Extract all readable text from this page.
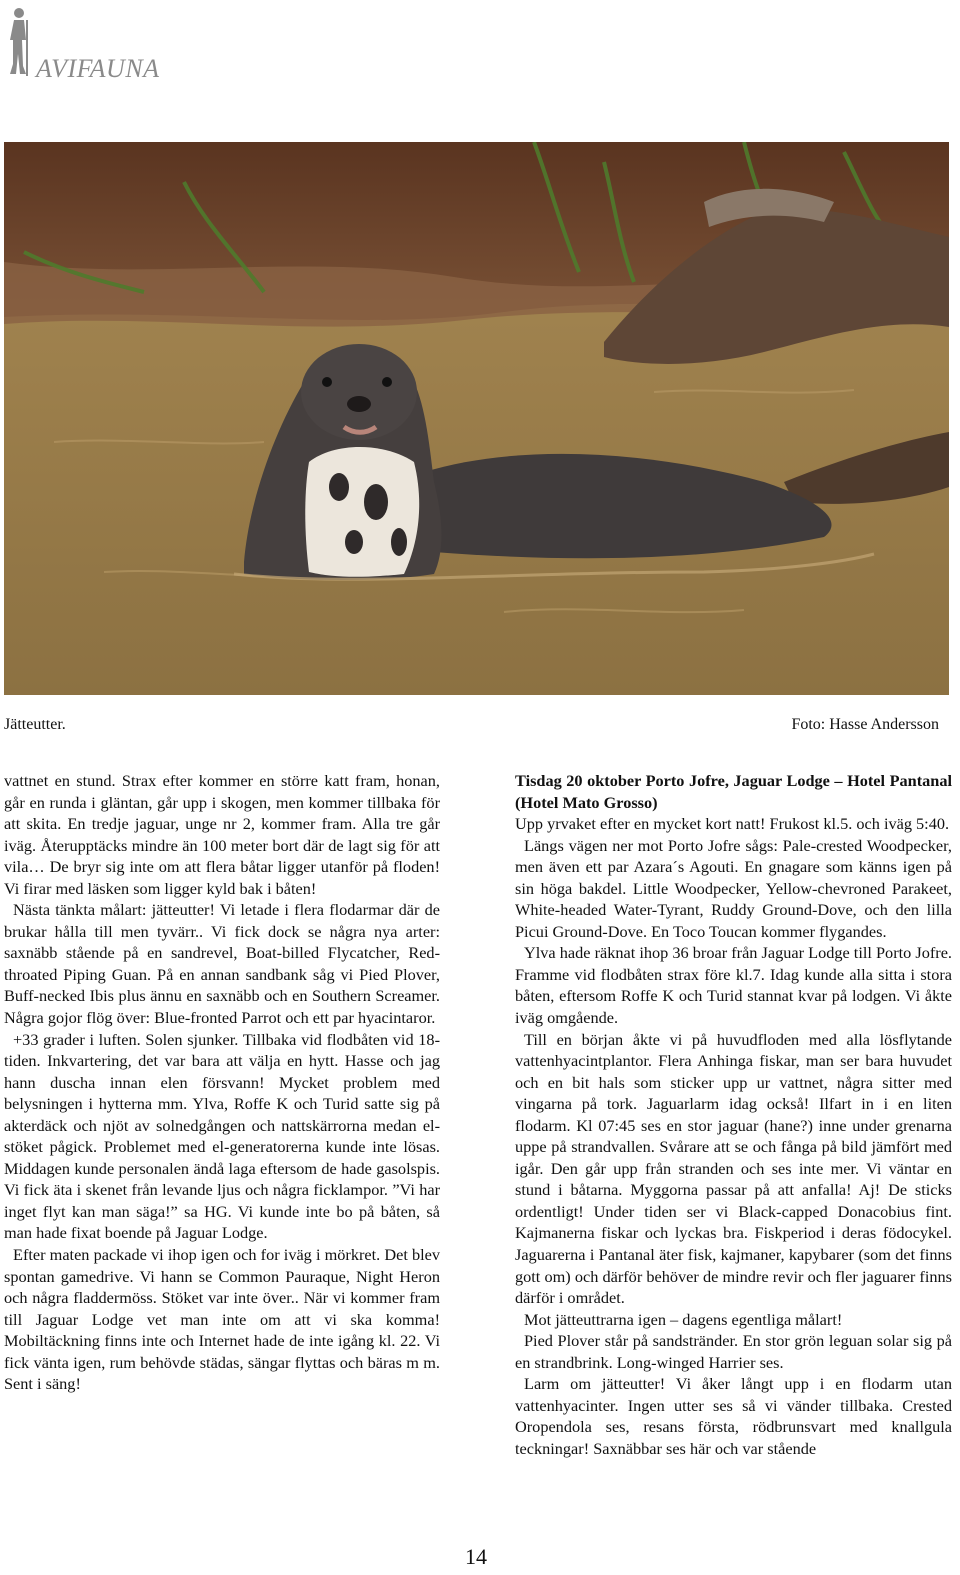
AVIFAUNA
Jätteutter.	Foto: Hasse Andersson

vattnet en stund. Strax efter kommer en större katt fram, honan, går en runda i gläntan, går upp i skogen, men kommer tillbaka för att skita. En tredje jaguar, unge nr 2, kommer fram. Alla tre går iväg. Återupptäcks mindre än 100 meter bort där de lagt sig för att vila… De bryr sig inte om att flera båtar ligger utanför på floden! Vi firar med läsken som ligger kyld bak i båten!

Nästa tänkta målart: jätteutter! Vi letade i flera flodarmar där de brukar hålla till men tyvärr.. Vi fick dock se några nya arter: saxnäbb stående på en sandrevel, Boat-billed Flycatcher, Red-throated Piping Guan. På en annan sandbank såg vi Pied Plover, Buff-necked Ibis plus ännu en saxnäbb och en Southern Screamer. Några gojor flög över: Blue-fronted Parrot och ett par hyacintaror.

+33 grader i luften. Solen sjunker. Tillbaka vid flodbåten vid 18-tiden. Inkvartering, det var bara att välja en hytt. Hasse och jag hann duscha innan elen försvann! Mycket problem med belysningen i hytterna mm. Ylva, Roffe K och Turid satte sig på akterdäck och njöt av solnedgången och nattskärrorna medan el-stöket pågick. Problemet med el-generatorerna kunde inte lösas. Middagen kunde personalen ändå laga eftersom de hade gasolspis. Vi fick äta i skenet från levande ljus och några ficklampor. ”Vi har inget flyt kan man säga!” sa HG. Vi kunde inte bo på båten, så man hade fixat boende på Jaguar Lodge.

Efter maten packade vi ihop igen och for iväg i mörkret. Det blev spontan gamedrive. Vi hann se Common Pauraque, Night Heron och några fladdermöss. Stöket var inte över.. När vi kommer fram till Jaguar Lodge vet man inte om att vi ska komma! Mobiltäckning finns inte och Internet hade de inte igång kl. 22. Vi fick vänta igen, rum behövde städas, sängar flyttas och bäras m m. Sent i säng!

Tisdag 20 oktober Porto Jofre, Jaguar Lodge – Hotel Pantanal (Hotel Mato Grosso)

Upp yrvaket efter en mycket kort natt! Frukost kl.5. och iväg 5:40.

Längs vägen ner mot Porto Jofre sågs: Pale-crested Woodpecker, men även ett par Azara´s Agouti. En gnagare som känns igen på sin höga bakdel. Little Woodpecker, Yellow-chevroned Parakeet, White-headed Water-Tyrant, Ruddy Ground-Dove, och den lilla Picui Ground-Dove. En Toco Toucan kommer flygandes.

Ylva hade räknat ihop 36 broar från Jaguar Lodge till Porto Jofre. Framme vid flodbåten strax före kl.7. Idag kunde alla sitta i stora båten, eftersom Roffe K och Turid stannat kvar på lodgen. Vi åkte iväg omgående.

Till en början åkte vi på huvudfloden med alla lösflytande vattenhyacintplantor. Flera Anhinga fiskar, man ser bara huvudet och en bit hals som sticker upp ur vattnet, några sitter med vingarna på tork. Jaguarlarm idag också! Ilfart in i en liten flodarm. Kl 07:45 ses en stor jaguar (hane?) inne under grenarna uppe på strandvallen. Svårare att se och fånga på bild jämfört med igår. Den går upp från stranden och ses inte mer. Vi väntar en stund i båtarna. Myggorna passar på att anfalla! Aj! De sticks ordentligt! Under tiden ser vi Black-capped Donacobius fint. Kajmanerna fiskar och lyckas bra. Fiskperiod i deras födocykel. Jaguarerna i Pantanal äter fisk, kajmaner, kapybarer (som det finns gott om) och därför behöver de mindre revir och fler jaguarer finns därför i området.

Mot jätteuttrarna igen – dagens egentliga målart!

Pied Plover står på sandstränder. En stor grön leguan solar sig på en strandbrink. Long-winged Harrier ses.

Larm om jätteutter! Vi åker långt upp i en flodarm utan vattenhyacinter. Ingen utter ses så vi vänder tillbaka. Crested Oropendola ses, resans första, rödbrunsvart med knallgula teckningar! Saxnäbbar ses här och var stående

14
